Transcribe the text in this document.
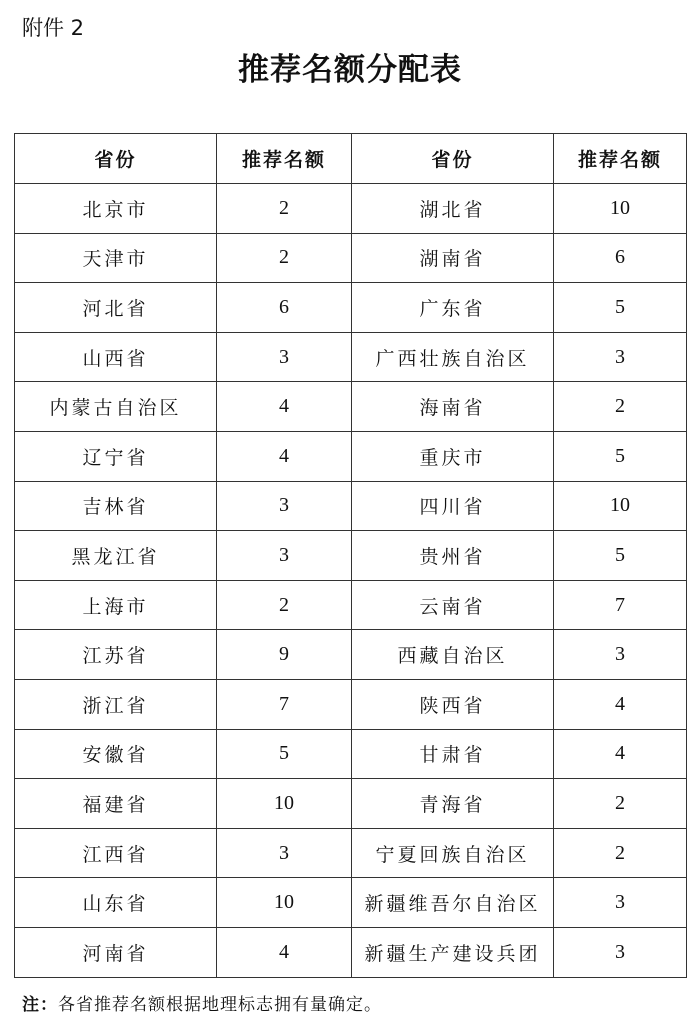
附件 2
推荐名额分配表
省份	推荐名额	省份	推荐名额
北京市	2	湖北省	10
天津市	2	湖南省	6
河北省	6	广东省	5
山西省	3	广西壮族自治区	3
内蒙古自治区	4	海南省	2
辽宁省	4	重庆市	5
吉林省	3	四川省	10
黑龙江省	3	贵州省	5
上海市	2	云南省	7
江苏省	9	西藏自治区	3
浙江省	7	陕西省	4
安徽省	5	甘肃省	4
福建省	10	青海省	2
江西省	3	宁夏回族自治区	2
山东省	10	新疆维吾尔自治区	3
河南省	4	新疆生产建设兵团	3
注：各省推荐名额根据地理标志拥有量确定。
